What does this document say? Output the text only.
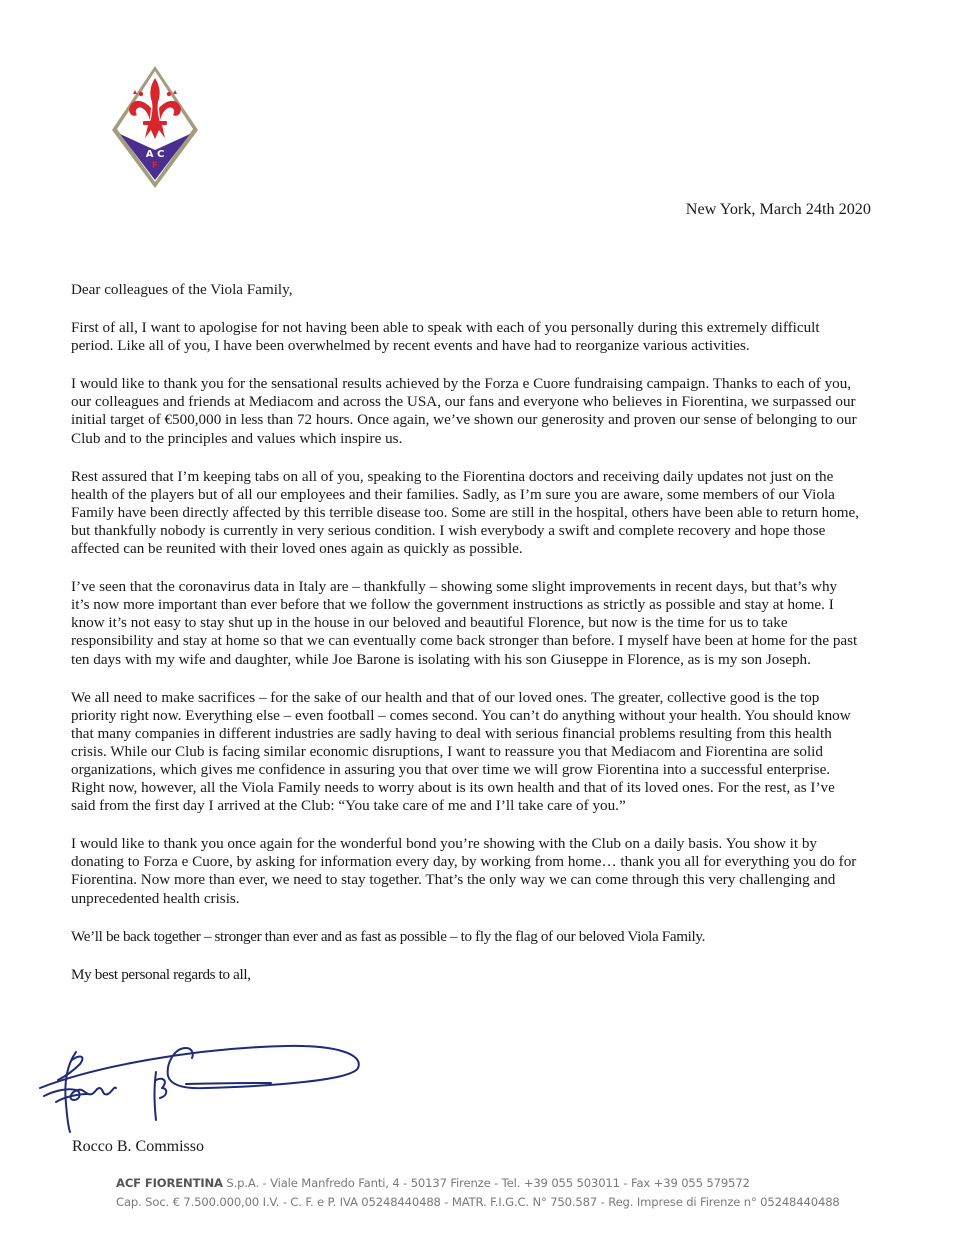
A C
F
New York, March 24th 2020

Dear colleagues of the Viola Family,

First of all, I want to apologise for not having been able to speak with each of you personally during this extremely difficult
period. Like all of you, I have been overwhelmed by recent events and have had to reorganize various activities.

I would like to thank you for the sensational results achieved by the Forza e Cuore fundraising campaign. Thanks to each of you,
our colleagues and friends at Mediacom and across the USA, our fans and everyone who believes in Fiorentina, we surpassed our
initial target of €500,000 in less than 72 hours. Once again, we’ve shown our generosity and proven our sense of belonging to our
Club and to the principles and values which inspire us.

Rest assured that I’m keeping tabs on all of you, speaking to the Fiorentina doctors and receiving daily updates not just on the
health of the players but of all our employees and their families. Sadly, as I’m sure you are aware, some members of our Viola
Family have been directly affected by this terrible disease too. Some are still in the hospital, others have been able to return home,
but thankfully nobody is currently in very serious condition. I wish everybody a swift and complete recovery and hope those
affected can be reunited with their loved ones again as quickly as possible.

I’ve seen that the coronavirus data in Italy are – thankfully – showing some slight improvements in recent days, but that’s why
it’s now more important than ever before that we follow the government instructions as strictly as possible and stay at home. I
know it’s not easy to stay shut up in the house in our beloved and beautiful Florence, but now is the time for us to take
responsibility and stay at home so that we can eventually come back stronger than before. I myself have been at home for the past
ten days with my wife and daughter, while Joe Barone is isolating with his son Giuseppe in Florence, as is my son Joseph.

We all need to make sacrifices – for the sake of our health and that of our loved ones. The greater, collective good is the top
priority right now. Everything else – even football – comes second. You can’t do anything without your health. You should know
that many companies in different industries are sadly having to deal with serious financial problems resulting from this health
crisis. While our Club is facing similar economic disruptions, I want to reassure you that Mediacom and Fiorentina are solid
organizations, which gives me confidence in assuring you that over time we will grow Fiorentina into a successful enterprise.
Right now, however, all the Viola Family needs to worry about is its own health and that of its loved ones. For the rest, as I’ve
said from the first day I arrived at the Club: “You take care of me and I’ll take care of you.”

I would like to thank you once again for the wonderful bond you’re showing with the Club on a daily basis. You show it by
donating to Forza e Cuore, by asking for information every day, by working from home… thank you all for everything you do for
Fiorentina. Now more than ever, we need to stay together. That’s the only way we can come through this very challenging and
unprecedented health crisis.

We’ll be back together – stronger than ever and as fast as possible – to fly the flag of our beloved Viola Family.

My best personal regards to all,

Rocco B. Commisso
ACF FIORENTINA S.p.A. - Viale Manfredo Fanti, 4 - 50137 Firenze - Tel. +39 055 503011 - Fax +39 055 579572
Cap. Soc. € 7.500.000,00 I.V. - C. F. e P. IVA 05248440488 - MATR. F.I.G.C. N° 750.587 - Reg. Imprese di Firenze n° 05248440488
